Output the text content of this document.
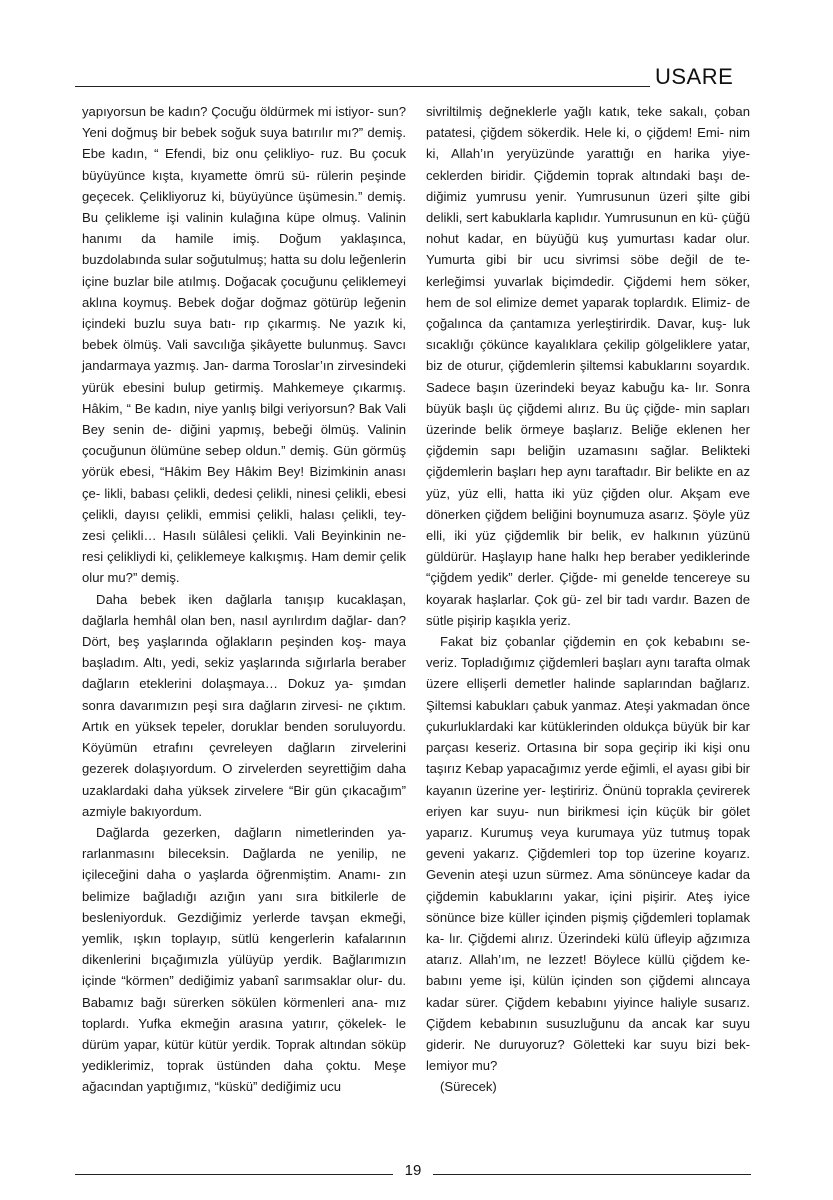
USARE

yapıyorsun be kadın? Çocuğu öldürmek mi istiyor- sun? Yeni doğmuş bir bebek soğuk suya batırılır mı?” demiş. Ebe kadın, “ Efendi, biz onu çelikliyo- ruz. Bu çocuk büyüyünce kışta, kıyamette ömrü sü- rülerin peşinde geçecek. Çelikliyoruz ki, büyüyünce üşümesin.” demiş. Bu çelikleme işi valinin kulağına küpe olmuş. Valinin hanımı da hamile imiş. Doğum yaklaşınca, buzdolabında sular soğutulmuş; hatta su dolu leğenlerin içine buzlar bile atılmış. Doğacak çocuğunu çeliklemeyi aklına koymuş. Bebek doğar doğmaz götürüp leğenin içindeki buzlu suya batı- rıp çıkarmış. Ne yazık ki, bebek ölmüş. Vali savcılığa şikâyette bulunmuş. Savcı jandarmaya yazmış. Jan- darma Toroslar’ın zirvesindeki yürük ebesini bulup getirmiş. Mahkemeye çıkarmış. Hâkim, “ Be kadın, niye yanlış bilgi veriyorsun? Bak Vali Bey senin de- diğini yapmış, bebeği ölmüş. Valinin çocuğunun ölümüne sebep oldun.” demiş. Gün görmüş yörük ebesi, “Hâkim Bey Hâkim Bey! Bizimkinin anası çe- likli, babası çelikli, dedesi çelikli, ninesi çelikli, ebesi çelikli, dayısı çelikli, emmisi çelikli, halası çelikli, tey- zesi çelikli… Hasılı sülâlesi çelikli. Vali Beyinkinin ne- resi çelikliydi ki, çeliklemeye kalkışmış. Ham demir çelik olur mu?” demiş.

Daha bebek iken dağlarla tanışıp kucaklaşan, dağlarla hemhâl olan ben, nasıl ayrılırdım dağlar- dan? Dört, beş yaşlarında oğlakların peşinden koş- maya başladım. Altı, yedi, sekiz yaşlarında sığırlarla beraber dağların eteklerini dolaşmaya… Dokuz ya- şımdan sonra davarımızın peşi sıra dağların zirvesi- ne çıktım. Artık en yüksek tepeler, doruklar benden soruluyordu. Köyümün etrafını çevreleyen dağların zirvelerini gezerek dolaşıyordum. O zirvelerden seyrettiğim daha uzaklardaki daha yüksek zirvelere “Bir gün çıkacağım” azmiyle bakıyordum.

Dağlarda gezerken, dağların nimetlerinden ya- rarlanmasını bileceksin. Dağlarda ne yenilip, ne içileceğini daha o yaşlarda öğrenmiştim. Anamı- zın belimize bağladığı azığın yanı sıra bitkilerle de besleniyorduk. Gezdiğimiz yerlerde tavşan ekmeği, yemlik, ışkın toplayıp, sütlü kengerlerin kafalarının dikenlerini bıçağımızla yülüyüp yerdik. Bağlarımızın içinde “körmen” dediğimiz yabanî sarımsaklar olur- du. Babamız bağı sürerken sökülen körmenleri ana- mız toplardı. Yufka ekmeğin arasına yatırır, çökelek- le dürüm yapar, kütür kütür yerdik. Toprak altından söküp yediklerimiz, toprak üstünden daha çoktu. Meşe ağacından yaptığımız, “küskü” dediğimiz ucu

sivriltilmiş değneklerle yağlı katık, teke sakalı, çoban patatesi, çiğdem sökerdik. Hele ki, o çiğdem! Emi- nim ki, Allah’ın yeryüzünde yarattığı en harika yiye- ceklerden biridir. Çiğdemin toprak altındaki başı de- diğimiz yumrusu yenir. Yumrusunun üzeri şilte gibi delikli, sert kabuklarla kaplıdır. Yumrusunun en kü- çüğü nohut kadar, en büyüğü kuş yumurtası kadar olur. Yumurta gibi bir ucu sivrimsi söbe değil de te- kerleğimsi yuvarlak biçimdedir. Çiğdemi hem söker, hem de sol elimize demet yaparak toplardık. Elimiz- de çoğalınca da çantamıza yerleştirirdik. Davar, kuş- luk sıcaklığı çökünce kayalıklara çekilip gölgeliklere yatar, biz de oturur, çiğdemlerin şiltemsi kabuklarını soyardık. Sadece başın üzerindeki beyaz kabuğu ka- lır. Sonra büyük başlı üç çiğdemi alırız. Bu üç çiğde- min sapları üzerinde belik örmeye başlarız. Beliğe eklenen her çiğdemin sapı beliğin uzamasını sağlar. Belikteki çiğdemlerin başları hep aynı taraftadır. Bir belikte en az yüz, yüz elli, hatta iki yüz çiğden olur. Akşam eve dönerken çiğdem beliğini boynumuza asarız. Şöyle yüz elli, iki yüz çiğdemlik bir belik, ev halkının yüzünü güldürür. Haşlayıp hane halkı hep beraber yediklerinde “çiğdem yedik” derler. Çiğde- mi genelde tencereye su koyarak haşlarlar. Çok gü- zel bir tadı vardır. Bazen de sütle pişirip kaşıkla yeriz.

Fakat biz çobanlar çiğdemin en çok kebabını se- veriz. Topladığımız çiğdemleri başları aynı tarafta olmak üzere ellişerli demetler halinde saplarından bağlarız. Şiltemsi kabukları çabuk yanmaz. Ateşi yakmadan önce çukurluklardaki kar kütüklerinden oldukça büyük bir kar parçası keseriz. Ortasına bir sopa geçirip iki kişi onu taşırız Kebap yapacağımız yerde eğimli, el ayası gibi bir kayanın üzerine yer- leştiririz. Önünü toprakla çevirerek eriyen kar suyu- nun birikmesi için küçük bir gölet yaparız. Kurumuş veya kurumaya yüz tutmuş topak geveni yakarız. Çiğdemleri top top üzerine koyarız. Gevenin ateşi uzun sürmez. Ama sönünceye kadar da çiğdemin kabuklarını yakar, içini pişirir. Ateş iyice sönünce bize küller içinden pişmiş çiğdemleri toplamak ka- lır. Çiğdemi alırız. Üzerindeki külü üfleyip ağzımıza atarız. Allah’ım, ne lezzet! Böylece küllü çiğdem ke- babını yeme işi, külün içinden son çiğdemi alıncaya kadar sürer. Çiğdem kebabını yiyince haliyle susarız. Çiğdem kebabının susuzluğunu da ancak kar suyu giderir. Ne duruyoruz? Göletteki kar suyu bizi bek- lemiyor mu?

(Sürecek)

19
